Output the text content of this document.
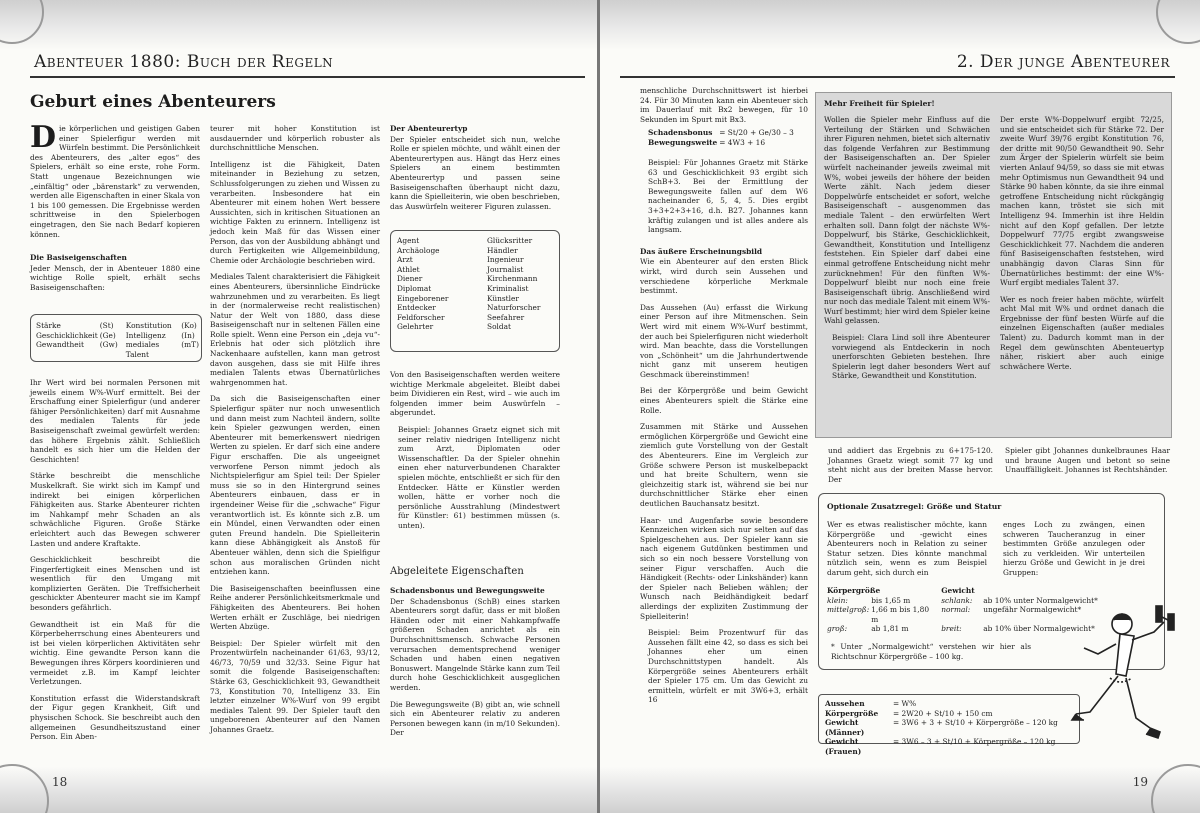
Abenteuer 1880: Buch der Regeln
Geburt eines Abenteurers

Die körperlichen und geistigen Gaben einer Spielerfigur werden mit Würfeln bestimmt. Die Persönlichkeit des Abenteurers, des „alter egos“ des Spielers, erhält so eine erste, rohe Form. Statt ungenaue Bezeichnungen wie „einfältig“ oder „bärenstark“ zu verwenden, werden alle Eigenschaften in einer Skala von 1 bis 100 gemessen. Die Ergebnisse werden schrittweise in den Spielerbogen eingetragen, den Sie nach Bedarf kopieren können.

Die Basiseigenschaften
Jeder Mensch, der in Abenteuer 1880 eine wichtige Rolle spielt, erhält sechs Basiseigenschaften:

Stärke	(St)	Konstitution	(Ko)
Geschicklichkeit	(Ge)	Intelligenz	(In)
Gewandtheit	(Gw)	mediales Talent	(mT)

Ihr Wert wird bei normalen Personen mit jeweils einem W%-Wurf ermittelt. Bei der Erschaffung einer Spielerfigur (und anderer fähiger Persönlichkeiten) darf mit Ausnahme des medialen Talents für jede Basiseigenschaft zweimal gewürfelt werden: das höhere Ergebnis zählt. Schließlich handelt es sich hier um die Helden der Geschichten!

Stärke beschreibt die menschliche Muskelkraft. Sie wirkt sich im Kampf und indirekt bei einigen körperlichen Fähigkeiten aus. Starke Abenteurer richten im Nahkampf mehr Schaden an als schwächliche Figuren. Große Stärke erleichtert auch das Bewegen schwerer Lasten und andere Kraftakte.

Geschicklichkeit beschreibt die Fingerfertigkeit eines Menschen und ist wesentlich für den Umgang mit komplizierten Geräten. Die Treffsicherheit geschickter Abenteurer macht sie im Kampf besonders gefährlich.

Gewandtheit ist ein Maß für die Körperbeherrschung eines Abenteurers und ist bei vielen körperlichen Aktivitäten sehr wichtig. Eine gewandte Person kann die Bewegungen ihres Körpers koordinieren und vermeidet z.B. im Kampf leichter Verletzungen.

Konstitution erfasst die Widerstandskraft der Figur gegen Krankheit, Gift und physischen Schock. Sie beschreibt auch den allgemeinen Gesundheitszustand einer Person. Ein Aben-

teurer mit hoher Konstitution ist ausdauernder und körperlich robuster als durchschnittliche Menschen.

Intelligenz ist die Fähigkeit, Daten miteinander in Beziehung zu setzen, Schlussfolgerungen zu ziehen und Wissen zu verarbeiten. Insbesondere hat ein Abenteurer mit einem hohen Wert bessere Aussichten, sich in kritischen Situationen an wichtige Fakten zu erinnern. Intelligenz ist jedoch kein Maß für das Wissen einer Person, das von der Ausbildung abhängt und durch Fertigkeiten wie Allgemeinbildung, Chemie oder Archäologie beschrieben wird.

Mediales Talent charakterisiert die Fähigkeit eines Abenteurers, übersinnliche Eindrücke wahrzunehmen und zu verarbeiten. Es liegt in der (normalerweise recht realistischen) Natur der Welt von 1880, dass diese Basiseigenschaft nur in seltenen Fällen eine Rolle spielt. Wenn eine Person ein „deja vu“-Erlebnis hat oder sich plötzlich ihre Nackenhaare aufstellen, kann man getrost davon ausgehen, dass sie mit Hilfe ihres medialen Talents etwas Übernatürliches wahrgenommen hat.

Da sich die Basiseigenschaften einer Spielerfigur später nur noch unwesentlich und dann meist zum Nachteil ändern, sollte kein Spieler gezwungen werden, einen Abenteurer mit bemerkenswert niedrigen Werten zu spielen. Er darf sich eine andere Figur erschaffen. Die als ungeeignet verworfene Person nimmt jedoch als Nichtspielerfigur am Spiel teil: Der Spieler muss sie so in den Hintergrund seines Abenteurers einbauen, dass er in irgendeiner Weise für die „schwache“ Figur verantwortlich ist. Es könnte sich z.B. um ein Mündel, einen Verwandten oder einen guten Freund handeln. Die Spielleiterin kann diese Abhängigkeit als Anstoß für Abenteuer wählen, denn sich die Spielfigur schon aus moralischen Gründen nicht entziehen kann.

Die Basiseigenschaften beeinflussen eine Reihe anderer Persönlichkeitsmerkmale und Fähigkeiten des Abenteurers. Bei hohen Werten erhält er Zuschläge, bei niedrigen Werten Abzüge.

Beispiel: Der Spieler würfelt mit den Prozentwürfeln nacheinander 61/63, 93/12, 46/73, 70/59 und 32/33. Seine Figur hat somit die folgende Basiseigenschaften: Stärke 63, Geschicklichkeit 93, Gewandtheit 73, Konstitution 70, Intelligenz 33. Ein letzter einzelner W%-Wurf von 99 ergibt mediales Talent 99. Der Spieler tauft den ungeborenen Abenteurer auf den Namen Johannes Graetz.

Der Abenteurertyp
Der Spieler entscheidet sich nun, welche Rolle er spielen möchte, und wählt einen der Abenteurertypen aus. Hängt das Herz eines Spielers an einem bestimmten Abenteurertyp und passen seine Basiseigenschaften überhaupt nicht dazu, kann die Spielleiterin, wie oben beschrieben, das Auswürfeln weiterer Figuren zulassen.

Agent	Glücksritter
Archäologe	Händler
Arzt	Ingenieur
Athlet	Journalist
Diener	Kirchenmann
Diplomat	Kriminalist
Eingeborener	Künstler
Entdecker	Naturforscher
Feldforscher	Seefahrer
Gelehrter	Soldat

Von den Basiseigenschaften werden weitere wichtige Merkmale abgeleitet. Bleibt dabei beim Dividieren ein Rest, wird – wie auch im folgenden immer beim Auswürfeln – abgerundet.

Beispiel: Johannes Graetz eignet sich mit seiner relativ niedrigen Intelligenz nicht zum Arzt, Diplomaten oder Wissenschaftler. Da der Spieler ohnehin einen eher naturverbundenen Charakter spielen möchte, entschließt er sich für den Entdecker. Hätte er Künstler werden wollen, hätte er vorher noch die persönliche Ausstrahlung (Mindestwert für Künstler: 61) bestimmen müssen (s. unten).

Abgeleitete Eigenschaften

Schadensbonus und Bewegungsweite
Der Schadensbonus (SchB) eines starken Abenteurers sorgt dafür, dass er mit bloßen Händen oder mit einer Nahkampfwaffe größeren Schaden anrichtet als ein Durchschnittsmensch. Schwache Personen verursachen dementsprechend weniger Schaden und haben einen negativen Bonuswert. Mangelnde Stärke kann zum Teil durch hohe Geschicklichkeit ausgeglichen werden.

Die Bewegungsweite (B) gibt an, wie schnell sich ein Abenteurer relativ zu anderen Personen bewegen kann (in m/10 Sekunden). Der

18
2. Der junge Abenteurer

menschliche Durchschnittswert ist hierbei 24. Für 30 Minuten kann ein Abenteuer sich im Dauerlauf mit Bx2 bewegen, für 10 Sekunden im Spurt mit Bx3.

Schadensbonus	= St/20 + Ge/30 – 3
Bewegungsweite	= 4W3 + 16

Beispiel: Für Johannes Graetz mit Stärke 63 und Geschicklichkeit 93 ergibt sich SchB+3. Bei der Ermittlung der Bewegungsweite fallen auf dem W6 nacheinander 6, 5, 4, 5. Dies ergibt 3+3+2+3+16, d.h. B27. Johannes kann kräftig zulangen und ist alles andere als langsam.

Das äußere Erscheinungsbild
Wie ein Abenteurer auf den ersten Blick wirkt, wird durch sein Aussehen und verschiedene körperliche Merkmale bestimmt.

Das Aussehen (Au) erfasst die Wirkung einer Person auf ihre Mitmenschen. Sein Wert wird mit einem W%-Wurf bestimmt, der auch bei Spielerfiguren nicht wiederholt wird. Man beachte, dass die Vorstellungen von „Schönheit“ um die Jahrhundertwende nicht ganz mit unserem heutigen Geschmack übereinstimmen!

Bei der Körpergröße und beim Gewicht eines Abenteurers spielt die Stärke eine Rolle.

Zusammen mit Stärke und Aussehen ermöglichen Körpergröße und Gewicht eine ziemlich gute Vorstellung von der Gestalt des Abenteurers. Eine im Vergleich zur Größe schwere Person ist muskelbepackt und hat breite Schultern, wenn sie gleichzeitig stark ist, während sie bei nur durchschnittlicher Stärke eher einen deutlichen Bauchansatz besitzt.

Haar- und Augenfarbe sowie besondere Kennzeichen wirken sich nur selten auf das Spielgeschehen aus. Der Spieler kann sie nach eigenem Gutdünken bestimmen und sich so ein noch bessere Vorstellung von seiner Figur verschaffen. Auch die Händigkeit (Rechts- oder Linkshänder) kann der Spieler nach Belieben wählen; der Wunsch nach Beidhändigkeit bedarf allerdings der expliziten Zustimmung der Spielleiterin!

Beispiel: Beim Prozentwurf für das Aussehen fällt eine 42, so dass es sich bei Johannes eher um einen Durchschnittstypen handelt. Als Körpergröße seines Abenteurers erhält der Spieler 175 cm. Um das Gewicht zu ermitteln, würfelt er mit 3W6+3, erhält 16

Mehr Freiheit für Spieler!

Wollen die Spieler mehr Einfluss auf die Verteilung der Stärken und Schwächen ihrer Figuren nehmen, bietet sich alternativ das folgende Verfahren zur Bestimmung der Basiseigenschaften an. Der Spieler würfelt nacheinander jeweils zweimal mit W%, wobei jeweils der höhere der beiden Werte zählt. Nach jedem dieser Doppelwürfe entscheidet er sofort, welche Basiseigenschaft – ausgenommen das mediale Talent – den erwürfelten Wert erhalten soll. Dann folgt der nächste W%-Doppelwurf, bis Stärke, Geschicklichkeit, Gewandtheit, Konstitution und Intelligenz feststehen. Ein Spieler darf dabei eine einmal getroffene Entscheidung nicht mehr zurücknehmen! Für den fünften W%-Doppelwurf bleibt nur noch eine freie Basiseigenschaft übrig. Anschließend wird nur noch das mediale Talent mit einem W%-Wurf bestimmt; hier wird dem Spieler keine Wahl gelassen.

Beispiel: Clara Lind soll ihre Abenteurer vorwiegend als Entdeckerin in noch unerforschten Gebieten bestehen. Ihre Spielerin legt daher besonders Wert auf Stärke, Gewandtheit und Konstitution.

Der erste W%-Doppelwurf ergibt 72/25, und sie entscheidet sich für Stärke 72. Der zweite Wurf 39/76 ergibt Konstitution 76, der dritte mit 90/50 Gewandtheit 90. Sehr zum Ärger der Spielerin würfelt sie beim vierten Anlauf 94/59, so dass sie mit etwas mehr Optimismus nun Gewandtheit 94 und Stärke 90 haben könnte, da sie ihre einmal getroffene Entscheidung nicht rückgängig machen kann, tröstet sie sich mit Intelligenz 94. Immerhin ist ihre Heldin nicht auf den Kopf gefallen. Der letzte Doppelwurf 77/75 ergibt zwangsweise Geschicklichkeit 77. Nachdem die anderen fünf Basiseigenschaften feststehen, wird unabhängig davon Claras Sinn für Übernatürliches bestimmt: der eine W%-Wurf ergibt mediales Talent 37.

Wer es noch freier haben möchte, würfelt acht Mal mit W% und ordnet danach die Ergebnisse der fünf besten Würfe auf die einzelnen Eigenschaften (außer mediales Talent) zu. Dadurch kommt man in der Regel dem gewünschten Abenteuertyp näher, riskiert aber auch einige schwächere Werte.

und addiert das Ergebnis zu 6+175-120. Johannes Graetz wiegt somit 77 kg und steht nicht aus der breiten Masse hervor. Der

Spieler gibt Johannes dunkelbraunes Haar und braune Augen und betont so seine Unauffälligkeit. Johannes ist Rechtshänder.

Optionale Zusatzregel: Größe und Statur

Wer es etwas realistischer möchte, kann Körpergröße und -gewicht eines Abenteurers noch in Relation zu seiner Statur setzen. Dies könnte manchmal nützlich sein, wenn es zum Beispiel darum geht, sich durch ein

enges Loch zu zwängen, einen schweren Taucheranzug in einer bestimmten Größe anzulegen oder sich zu verkleiden. Wir unterteilen hierzu Größe und Gewicht in je drei Gruppen:

Körpergröße		Gewicht	
klein:	bis 1,65 m	schlank:	ab 10% unter Normalgewicht*
mittelgroß:	1,66 m bis 1,80 m	normal:	ungefähr Normalgewicht*
groß:	ab 1,81 m	breit:	ab 10% über Normalgewicht*

* Unter „Normalgewicht“ verstehen wir hier als Richtschnur Körpergröße – 100 kg.

Aussehen	= W%
Körpergröße	= 2W20 + St/10 + 150 cm
Gewicht (Männer)	= 3W6 + 3 + St/10 + Körpergröße – 120 kg
Gewicht (Frauen)	= 3W6 – 3 + St/10 + Körpergröße – 120 kg
19
